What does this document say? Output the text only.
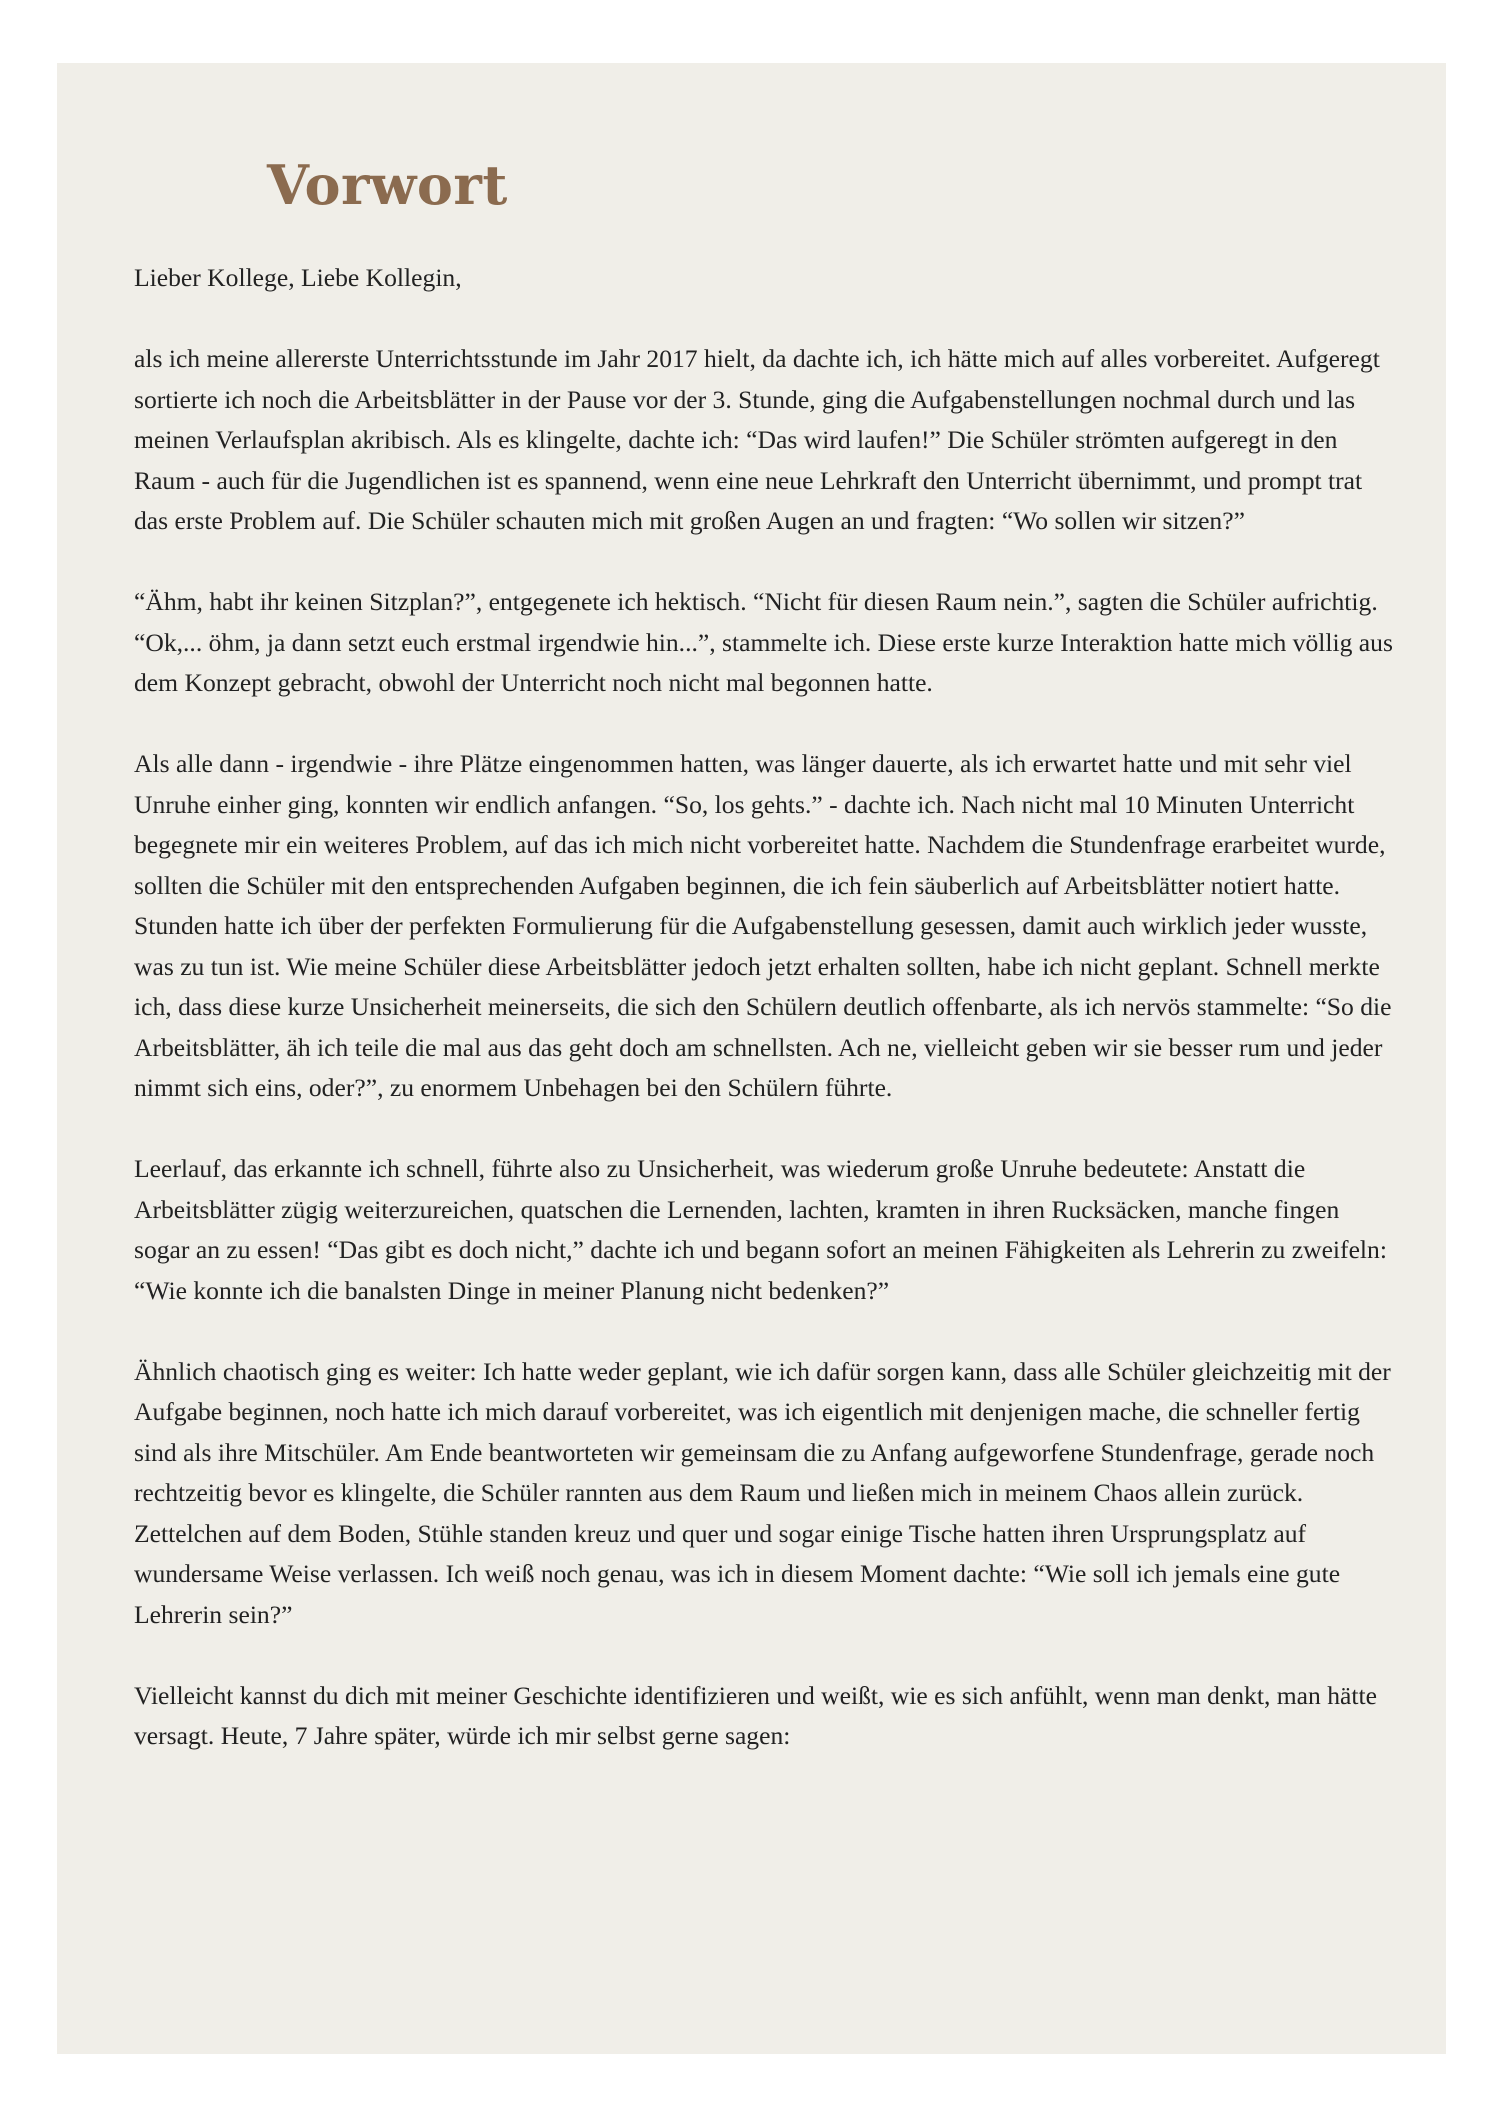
Vorwort

Lieber Kollege, Liebe Kollegin,

als ich meine allererste Unterrichtsstunde im Jahr 2017 hielt, da dachte ich, ich hätte mich auf alles vorbereitet. Aufgeregt sortierte ich noch die Arbeitsblätter in der Pause vor der 3. Stunde, ging die Aufgabenstellungen nochmal durch und las meinen Verlaufsplan akribisch. Als es klingelte, dachte ich: “Das wird laufen!” Die Schüler strömten aufgeregt in den Raum - auch für die Jugendlichen ist es spannend, wenn eine neue Lehrkraft den Unterricht übernimmt, und prompt trat das erste Problem auf. Die Schüler schauten mich mit großen Augen an und fragten: “Wo sollen wir sitzen?”

“Ähm, habt ihr keinen Sitzplan?”, entgegenete ich hektisch. “Nicht für diesen Raum nein.”, sagten die Schüler aufrichtig. “Ok,... öhm, ja dann setzt euch erstmal irgendwie hin...”, stammelte ich. Diese erste kurze Interaktion hatte mich völlig aus dem Konzept gebracht, obwohl der Unterricht noch nicht mal begonnen hatte.

Als alle dann - irgendwie - ihre Plätze eingenommen hatten, was länger dauerte, als ich erwartet hatte und mit sehr viel Unruhe einher ging, konnten wir endlich anfangen. “So, los gehts.” - dachte ich. Nach nicht mal 10 Minuten Unterricht begegnete mir ein weiteres Problem, auf das ich mich nicht vorbereitet hatte. Nachdem die Stundenfrage erarbeitet wurde, sollten die Schüler mit den entsprechenden Aufgaben beginnen, die ich fein säuberlich auf Arbeitsblätter notiert hatte. Stunden hatte ich über der perfekten Formulierung für die Aufgabenstellung gesessen, damit auch wirklich jeder wusste, was zu tun ist. Wie meine Schüler diese Arbeitsblätter jedoch jetzt erhalten sollten, habe ich nicht geplant. Schnell merkte ich, dass diese kurze Unsicherheit meinerseits, die sich den Schülern deutlich offenbarte, als ich nervös stammelte: “So die Arbeitsblätter, äh ich teile die mal aus das geht doch am schnellsten. Ach ne, vielleicht geben wir sie besser rum und jeder nimmt sich eins, oder?”, zu enormem Unbehagen bei den Schülern führte.

Leerlauf, das erkannte ich schnell, führte also zu Unsicherheit, was wiederum große Unruhe bedeutete: Anstatt die Arbeitsblätter zügig weiterzureichen, quatschen die Lernenden, lachten, kramten in ihren Rucksäcken, manche fingen sogar an zu essen! “Das gibt es doch nicht,” dachte ich und begann sofort an meinen Fähigkeiten als Lehrerin zu zweifeln: “Wie konnte ich die banalsten Dinge in meiner Planung nicht bedenken?”

Ähnlich chaotisch ging es weiter: Ich hatte weder geplant, wie ich dafür sorgen kann, dass alle Schüler gleichzeitig mit der Aufgabe beginnen, noch hatte ich mich darauf vorbereitet, was ich eigentlich mit denjenigen mache, die schneller fertig sind als ihre Mitschüler. Am Ende beantworteten wir gemeinsam die zu Anfang aufgeworfene Stundenfrage, gerade noch rechtzeitig bevor es klingelte, die Schüler rannten aus dem Raum und ließen mich in meinem Chaos allein zurück. Zettelchen auf dem Boden, Stühle standen kreuz und quer und sogar einige Tische hatten ihren Ursprungsplatz auf wundersame Weise verlassen. Ich weiß noch genau, was ich in diesem Moment dachte: “Wie soll ich jemals eine gute Lehrerin sein?”

Vielleicht kannst du dich mit meiner Geschichte identifizieren und weißt, wie es sich anfühlt, wenn man denkt, man hätte versagt. Heute, 7 Jahre später, würde ich mir selbst gerne sagen:
